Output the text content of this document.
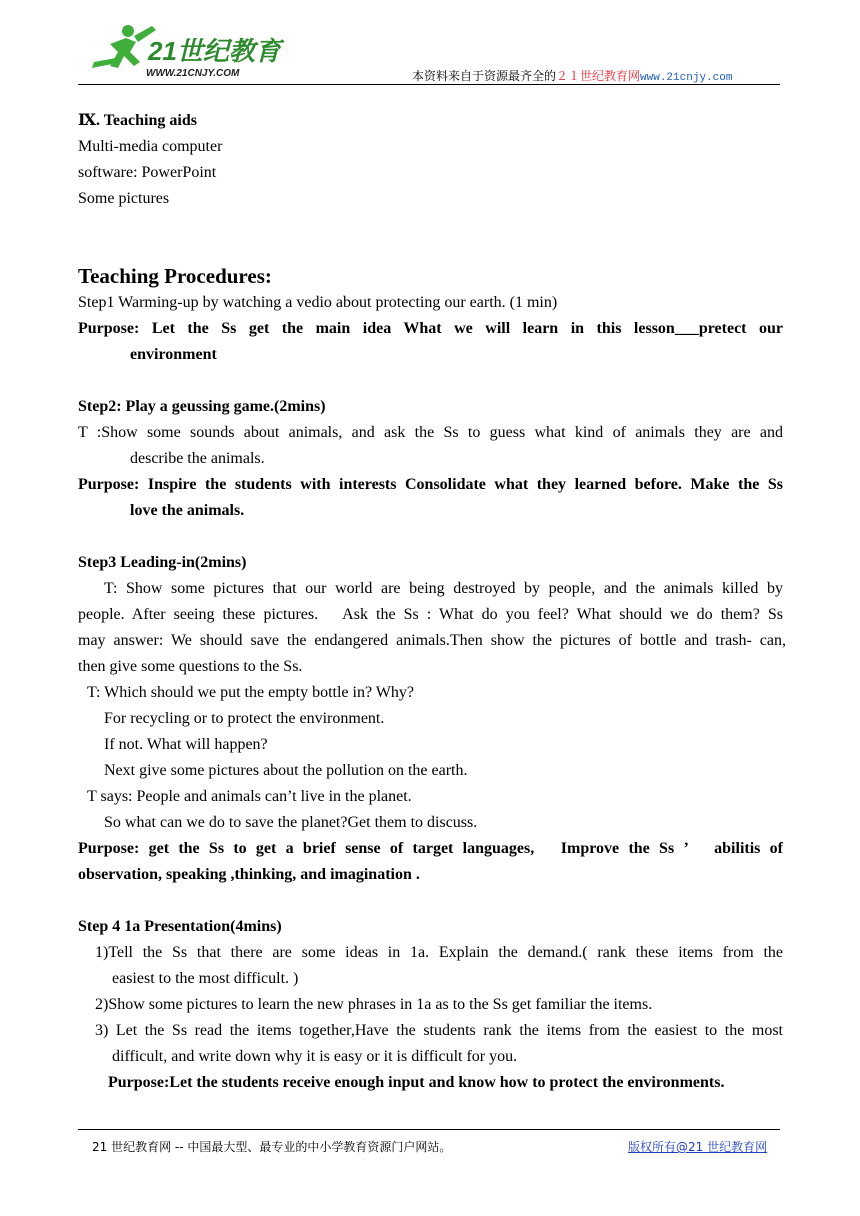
21世纪教育
WWW.21CNJY.COM	本资料来自于资源最齐全的２１世纪教育网www.21cnjy.com
Ⅸ. Teaching aids
Multi-media computer
software: PowerPoint
Some pictures
Teaching Procedures:
Step1 Warming-up by watching a vedio about protecting our earth. (1 min)
Purpose: Let the Ss get the main idea What we will learn in this lesson___pretect our
environment
Step2: Play a geussing game.(2mins)
T :Show some sounds about animals, and ask the Ss to guess what kind of animals they are and
describe the animals.
Purpose: Inspire the students with interests Consolidate what they learned before. Make the Ss
love the animals.
Step3 Leading-in(2mins)
T: Show some pictures that our world are being destroyed by people, and the animals killed by
people. After seeing these pictures.　Ask the Ss : What do you feel? What should we do them? Ss
may answer: We should save the endangered animals.Then show the pictures of bottle and trash- can,
then give some questions to the Ss.
T: Which should we put the empty bottle in? Why?
For recycling or to protect the environment.
If not. What will happen?
Next give some pictures about the pollution on the earth.
T says: People and animals can’t live in the planet.
So what can we do to save the planet?Get them to discuss.
Purpose: get the Ss to get a brief sense of target languages,　Improve the Ss ’　abilitis of
observation, speaking ,thinking, and imagination .
Step 4 1a Presentation(4mins)
1)Tell the Ss that there are some ideas in 1a. Explain the demand.( rank these items from the
easiest to the most difficult. )
2)Show some pictures to learn the new phrases in 1a as to the Ss get familiar the items.
3) Let the Ss read the items together,Have the students rank the items from the easiest to the most
difficult, and write down why it is easy or it is difficult for you.
Purpose:Let the students receive enough input and know how to protect the environments.
21 世纪教育网 -- 中国最大型、最专业的中小学教育资源门户网站。	版权所有@21 世纪教育网
